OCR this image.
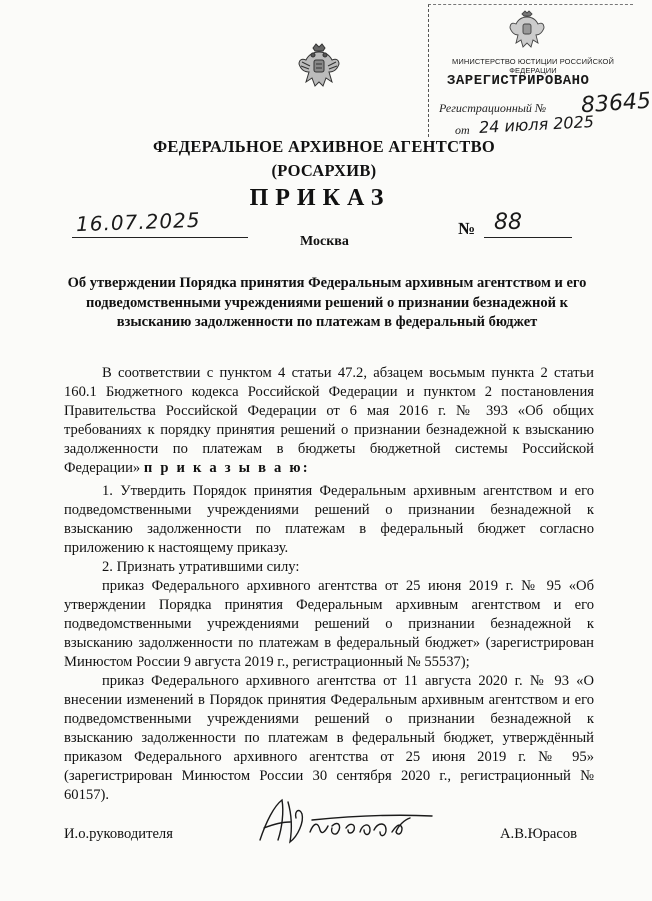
МИНИСТЕРСТВО ЮСТИЦИИ РОССИЙСКОЙ ФЕДЕРАЦИИ
ЗАРЕГИСТРИРОВАНО
Регистрационный № 83645
от 24 июля 2025
ФЕДЕРАЛЬНОЕ АРХИВНОЕ АГЕНТСТВО
(РОСАРХИВ)
ПРИКАЗ
16.07.2025
Москва
№ 88
Об утверждении Порядка принятия Федеральным архивным агентством и его подведомственными учреждениями решений о признании безнадежной к взысканию задолженности по платежам в федеральный бюджет
В соответствии с пунктом 4 статьи 47.2, абзацем восьмым пункта 2 статьи 160.1 Бюджетного кодекса Российской Федерации и пунктом 2 постановления Правительства Российской Федерации от 6 мая 2016 г. № 393 «Об общих требованиях к порядку принятия решений о признании безнадежной к взысканию задолженности по платежам в бюджеты бюджетной системы Российской Федерации» п р и к а з ы в а ю:
1. Утвердить Порядок принятия Федеральным архивным агентством и его подведомственными учреждениями решений о признании безнадежной к взысканию задолженности по платежам в федеральный бюджет согласно приложению к настоящему приказу.
2. Признать утратившими силу:
приказ Федерального архивного агентства от 25 июня 2019 г. № 95 «Об утверждении Порядка принятия Федеральным архивным агентством и его подведомственными учреждениями решений о признании безнадежной к взысканию задолженности по платежам в федеральный бюджет» (зарегистрирован Минюстом России 9 августа 2019 г., регистрационный № 55537);
приказ Федерального архивного агентства от 11 августа 2020 г. № 93 «О внесении изменений в Порядок принятия Федеральным архивным агентством и его подведомственными учреждениями решений о признании безнадежной к взысканию задолженности по платежам в федеральный бюджет, утверждённый приказом Федерального архивного агентства от 25 июня 2019 г. № 95» (зарегистрирован Минюстом России 30 сентября 2020 г., регистрационный № 60157).
И.о.руководителя	А.В.Юрасов
